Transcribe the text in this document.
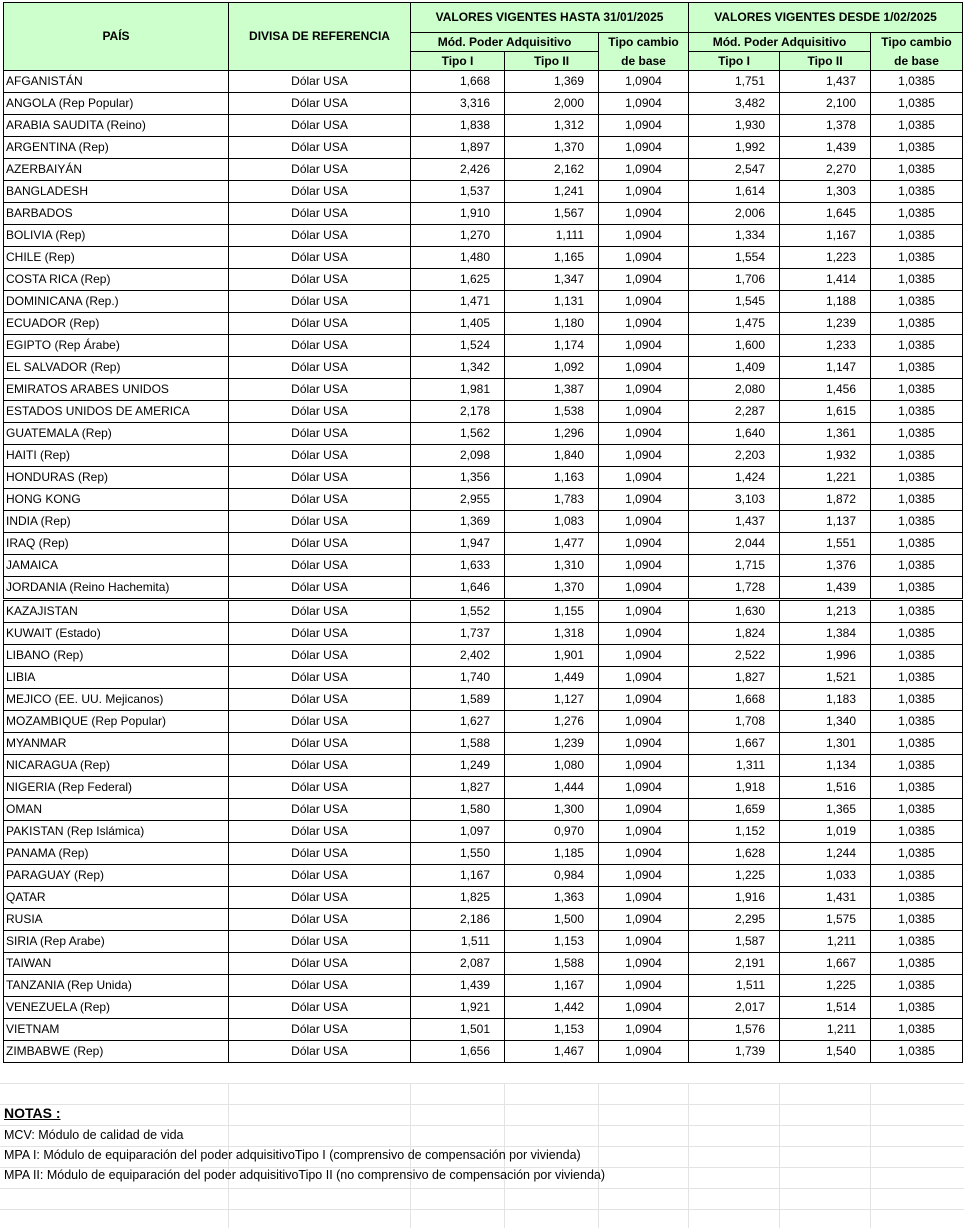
PAÍS	DIVISA DE REFERENCIA	VALORES VIGENTES HASTA 31/01/2025			VALORES VIGENTES DESDE 1/02/2025		
		Mód. Poder Adquisitivo		Tipo cambio	Mód. Poder Adquisitivo		Tipo cambio
		Tipo I	Tipo II	de base	Tipo I	Tipo II	de base
AFGANISTÁN	Dólar USA	1,668	1,369	1,0904	1,751	1,437	1,0385
ANGOLA (Rep Popular)	Dólar USA	3,316	2,000	1,0904	3,482	2,100	1,0385
ARABIA SAUDITA (Reino)	Dólar USA	1,838	1,312	1,0904	1,930	1,378	1,0385
ARGENTINA (Rep)	Dólar USA	1,897	1,370	1,0904	1,992	1,439	1,0385
AZERBAIYÁN	Dólar USA	2,426	2,162	1,0904	2,547	2,270	1,0385
BANGLADESH	Dólar USA	1,537	1,241	1,0904	1,614	1,303	1,0385
BARBADOS	Dólar USA	1,910	1,567	1,0904	2,006	1,645	1,0385
BOLIVIA (Rep)	Dólar USA	1,270	1,111	1,0904	1,334	1,167	1,0385
CHILE (Rep)	Dólar USA	1,480	1,165	1,0904	1,554	1,223	1,0385
COSTA RICA (Rep)	Dólar USA	1,625	1,347	1,0904	1,706	1,414	1,0385
DOMINICANA (Rep.)	Dólar USA	1,471	1,131	1,0904	1,545	1,188	1,0385
ECUADOR (Rep)	Dólar USA	1,405	1,180	1,0904	1,475	1,239	1,0385
EGIPTO (Rep Árabe)	Dólar USA	1,524	1,174	1,0904	1,600	1,233	1,0385
EL SALVADOR (Rep)	Dólar USA	1,342	1,092	1,0904	1,409	1,147	1,0385
EMIRATOS ARABES UNIDOS	Dólar USA	1,981	1,387	1,0904	2,080	1,456	1,0385
ESTADOS UNIDOS DE AMERICA	Dólar USA	2,178	1,538	1,0904	2,287	1,615	1,0385
GUATEMALA (Rep)	Dólar USA	1,562	1,296	1,0904	1,640	1,361	1,0385
HAITI (Rep)	Dólar USA	2,098	1,840	1,0904	2,203	1,932	1,0385
HONDURAS (Rep)	Dólar USA	1,356	1,163	1,0904	1,424	1,221	1,0385
HONG KONG	Dólar USA	2,955	1,783	1,0904	3,103	1,872	1,0385
INDIA (Rep)	Dólar USA	1,369	1,083	1,0904	1,437	1,137	1,0385
IRAQ (Rep)	Dólar USA	1,947	1,477	1,0904	2,044	1,551	1,0385
JAMAICA	Dólar USA	1,633	1,310	1,0904	1,715	1,376	1,0385
JORDANIA (Reino Hachemita)	Dólar USA	1,646	1,370	1,0904	1,728	1,439	1,0385
KAZAJISTAN	Dólar USA	1,552	1,155	1,0904	1,630	1,213	1,0385
KUWAIT (Estado)	Dólar USA	1,737	1,318	1,0904	1,824	1,384	1,0385
LIBANO (Rep)	Dólar USA	2,402	1,901	1,0904	2,522	1,996	1,0385
LIBIA	Dólar USA	1,740	1,449	1,0904	1,827	1,521	1,0385
MEJICO (EE. UU. Mejicanos)	Dólar USA	1,589	1,127	1,0904	1,668	1,183	1,0385
MOZAMBIQUE (Rep Popular)	Dólar USA	1,627	1,276	1,0904	1,708	1,340	1,0385
MYANMAR	Dólar USA	1,588	1,239	1,0904	1,667	1,301	1,0385
NICARAGUA (Rep)	Dólar USA	1,249	1,080	1,0904	1,311	1,134	1,0385
NIGERIA (Rep Federal)	Dólar USA	1,827	1,444	1,0904	1,918	1,516	1,0385
OMAN	Dólar USA	1,580	1,300	1,0904	1,659	1,365	1,0385
PAKISTAN (Rep Islámica)	Dólar USA	1,097	0,970	1,0904	1,152	1,019	1,0385
PANAMA (Rep)	Dólar USA	1,550	1,185	1,0904	1,628	1,244	1,0385
PARAGUAY (Rep)	Dólar USA	1,167	0,984	1,0904	1,225	1,033	1,0385
QATAR	Dólar USA	1,825	1,363	1,0904	1,916	1,431	1,0385
RUSIA	Dólar USA	2,186	1,500	1,0904	2,295	1,575	1,0385
SIRIA (Rep Arabe)	Dólar USA	1,511	1,153	1,0904	1,587	1,211	1,0385
TAIWAN	Dólar USA	2,087	1,588	1,0904	2,191	1,667	1,0385
TANZANIA (Rep Unida)	Dólar USA	1,439	1,167	1,0904	1,511	1,225	1,0385
VENEZUELA (Rep)	Dólar USA	1,921	1,442	1,0904	2,017	1,514	1,0385
VIETNAM	Dólar USA	1,501	1,153	1,0904	1,576	1,211	1,0385
ZIMBABWE (Rep)	Dólar USA	1,656	1,467	1,0904	1,739	1,540	1,0385
NOTAS :
MCV: Módulo de calidad de vida
MPA I: Módulo de equiparación del poder adquisitivoTipo I (comprensivo de compensación por vivienda)
MPA II: Módulo de equiparación del poder adquisitivoTipo II (no comprensivo de compensación por vivienda)
